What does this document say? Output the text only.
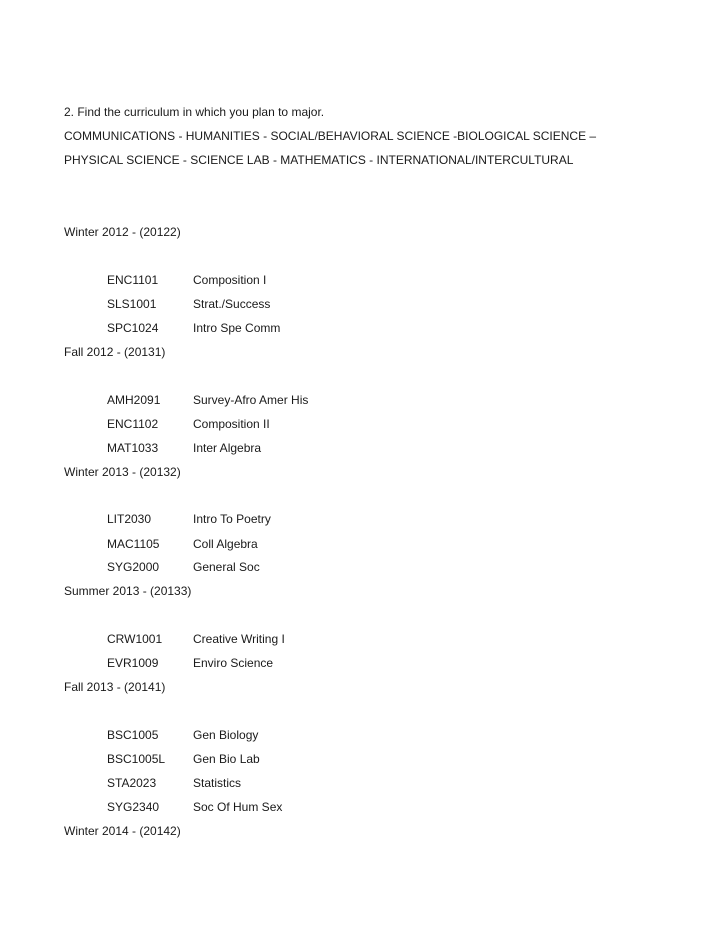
2. Find the curriculum in which you plan to major.
COMMUNICATIONS - HUMANITIES - SOCIAL/BEHAVIORAL SCIENCE -BIOLOGICAL SCIENCE –
PHYSICAL SCIENCE - SCIENCE LAB - MATHEMATICS - INTERNATIONAL/INTERCULTURAL
Winter 2012 - (20122)
ENC1101	Composition I
SLS1001	Strat./Success
SPC1024	Intro Spe Comm
Fall 2012 - (20131)
AMH2091	Survey-Afro Amer His
ENC1102	Composition II
MAT1033	Inter Algebra
Winter 2013 - (20132)
LIT2030	Intro To Poetry
MAC1105	Coll Algebra
SYG2000	General Soc
Summer 2013 - (20133)
CRW1001	Creative Writing I
EVR1009	Enviro Science
Fall 2013 - (20141)
BSC1005	Gen Biology
BSC1005L Gen Bio Lab
STA2023	Statistics
SYG2340	Soc Of Hum Sex
Winter 2014 - (20142)
